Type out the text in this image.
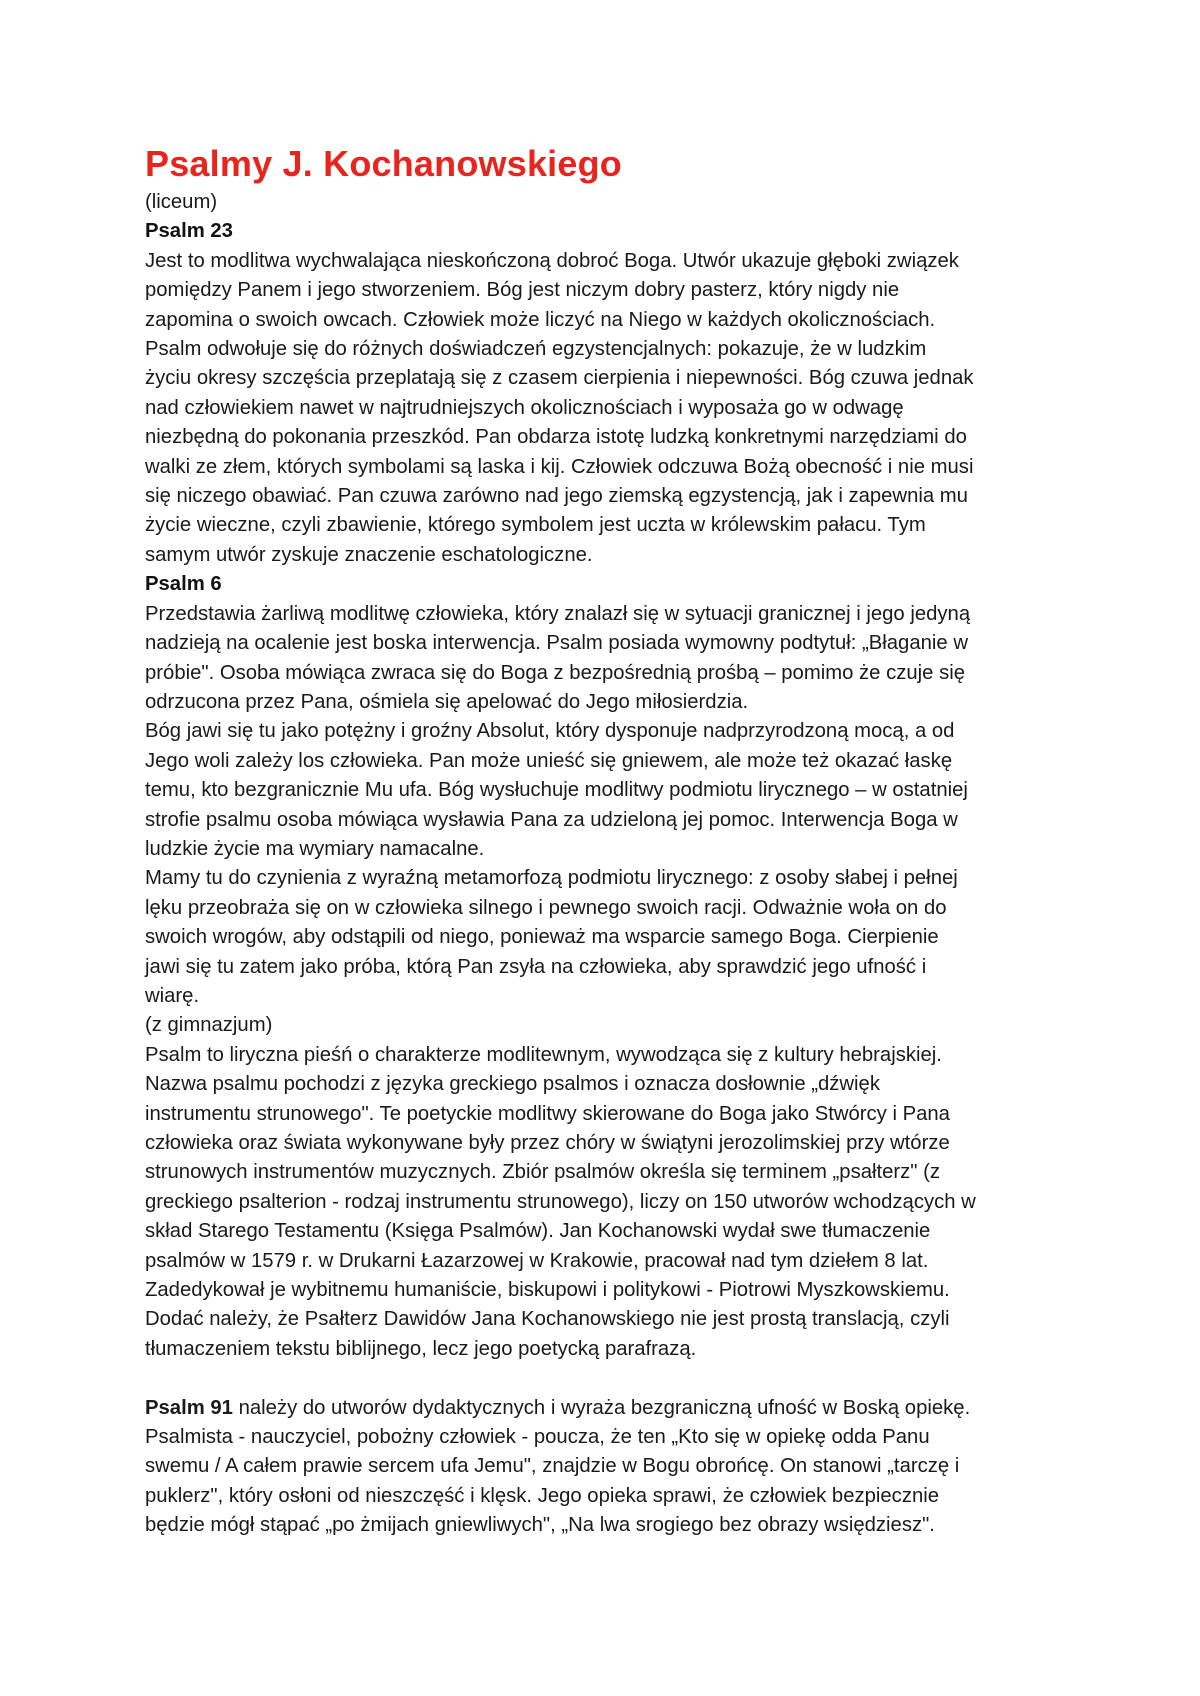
Psalmy J. Kochanowskiego

(liceum)

Psalm 23

Jest to modlitwa wychwalająca nieskończoną dobroć Boga. Utwór ukazuje głęboki związek
pomiędzy Panem i jego stworzeniem. Bóg jest niczym dobry pasterz, który nigdy nie
zapomina o swoich owcach. Człowiek może liczyć na Niego w każdych okolicznościach.
Psalm odwołuje się do różnych doświadczeń egzystencjalnych: pokazuje, że w ludzkim
życiu okresy szczęścia przeplatają się z czasem cierpienia i niepewności. Bóg czuwa jednak
nad człowiekiem nawet w najtrudniejszych okolicznościach i wyposaża go w odwagę
niezbędną do pokonania przeszkód. Pan obdarza istotę ludzką konkretnymi narzędziami do
walki ze złem, których symbolami są laska i kij. Człowiek odczuwa Bożą obecność i nie musi
się niczego obawiać. Pan czuwa zarówno nad jego ziemską egzystencją, jak i zapewnia mu
życie wieczne, czyli zbawienie, którego symbolem jest uczta w królewskim pałacu. Tym
samym utwór zyskuje znaczenie eschatologiczne.

Psalm 6

Przedstawia żarliwą modlitwę człowieka, który znalazł się w sytuacji granicznej i jego jedyną
nadzieją na ocalenie jest boska interwencja. Psalm posiada wymowny podtytuł: „Błaganie w
próbie". Osoba mówiąca zwraca się do Boga z bezpośrednią prośbą – pomimo że czuje się
odrzucona przez Pana, ośmiela się apelować do Jego miłosierdzia.
Bóg jawi się tu jako potężny i groźny Absolut, który dysponuje nadprzyrodzoną mocą, a od
Jego woli zależy los człowieka. Pan może unieść się gniewem, ale może też okazać łaskę
temu, kto bezgranicznie Mu ufa. Bóg wysłuchuje modlitwy podmiotu lirycznego – w ostatniej
strofie psalmu osoba mówiąca wysławia Pana za udzieloną jej pomoc. Interwencja Boga w
ludzkie życie ma wymiary namacalne.
Mamy tu do czynienia z wyraźną metamorfozą podmiotu lirycznego: z osoby słabej i pełnej
lęku przeobraża się on w człowieka silnego i pewnego swoich racji. Odważnie woła on do
swoich wrogów, aby odstąpili od niego, ponieważ ma wsparcie samego Boga. Cierpienie
jawi się tu zatem jako próba, którą Pan zsyła na człowieka, aby sprawdzić jego ufność i
wiarę.

(z gimnazjum)
Psalm to liryczna pieśń o charakterze modlitewnym, wywodząca się z kultury hebrajskiej.
Nazwa psalmu pochodzi z języka greckiego psalmos i oznacza dosłownie „dźwięk
instrumentu strunowego". Te poetyckie modlitwy skierowane do Boga jako Stwórcy i Pana
człowieka oraz świata wykonywane były przez chóry w świątyni jerozolimskiej przy wtórze
strunowych instrumentów muzycznych. Zbiór psalmów określa się terminem „psałterz" (z
greckiego psalterion - rodzaj instrumentu strunowego), liczy on 150 utworów wchodzących w
skład Starego Testamentu (Księga Psalmów). Jan Kochanowski wydał swe tłumaczenie
psalmów w 1579 r. w Drukarni Łazarzowej w Krakowie, pracował nad tym dziełem 8 lat.
Zadedykował je wybitnemu humaniście, biskupowi i politykowi - Piotrowi Myszkowskiemu.
Dodać należy, że Psałterz Dawidów Jana Kochanowskiego nie jest prostą translacją, czyli
tłumaczeniem tekstu biblijnego, lecz jego poetycką parafrazą.

Psalm 91 należy do utworów dydaktycznych i wyraża bezgraniczną ufność w Boską opiekę.
Psalmista - nauczyciel, pobożny człowiek - poucza, że ten „Kto się w opiekę odda Panu
swemu / A całem prawie sercem ufa Jemu", znajdzie w Bogu obrońcę. On stanowi „tarczę i
puklerz", który osłoni od nieszczęść i klęsk. Jego opieka sprawi, że człowiek bezpiecznie
będzie mógł stąpać „po żmijach gniewliwych", „Na lwa srogiego bez obrazy wsiędziesz".
